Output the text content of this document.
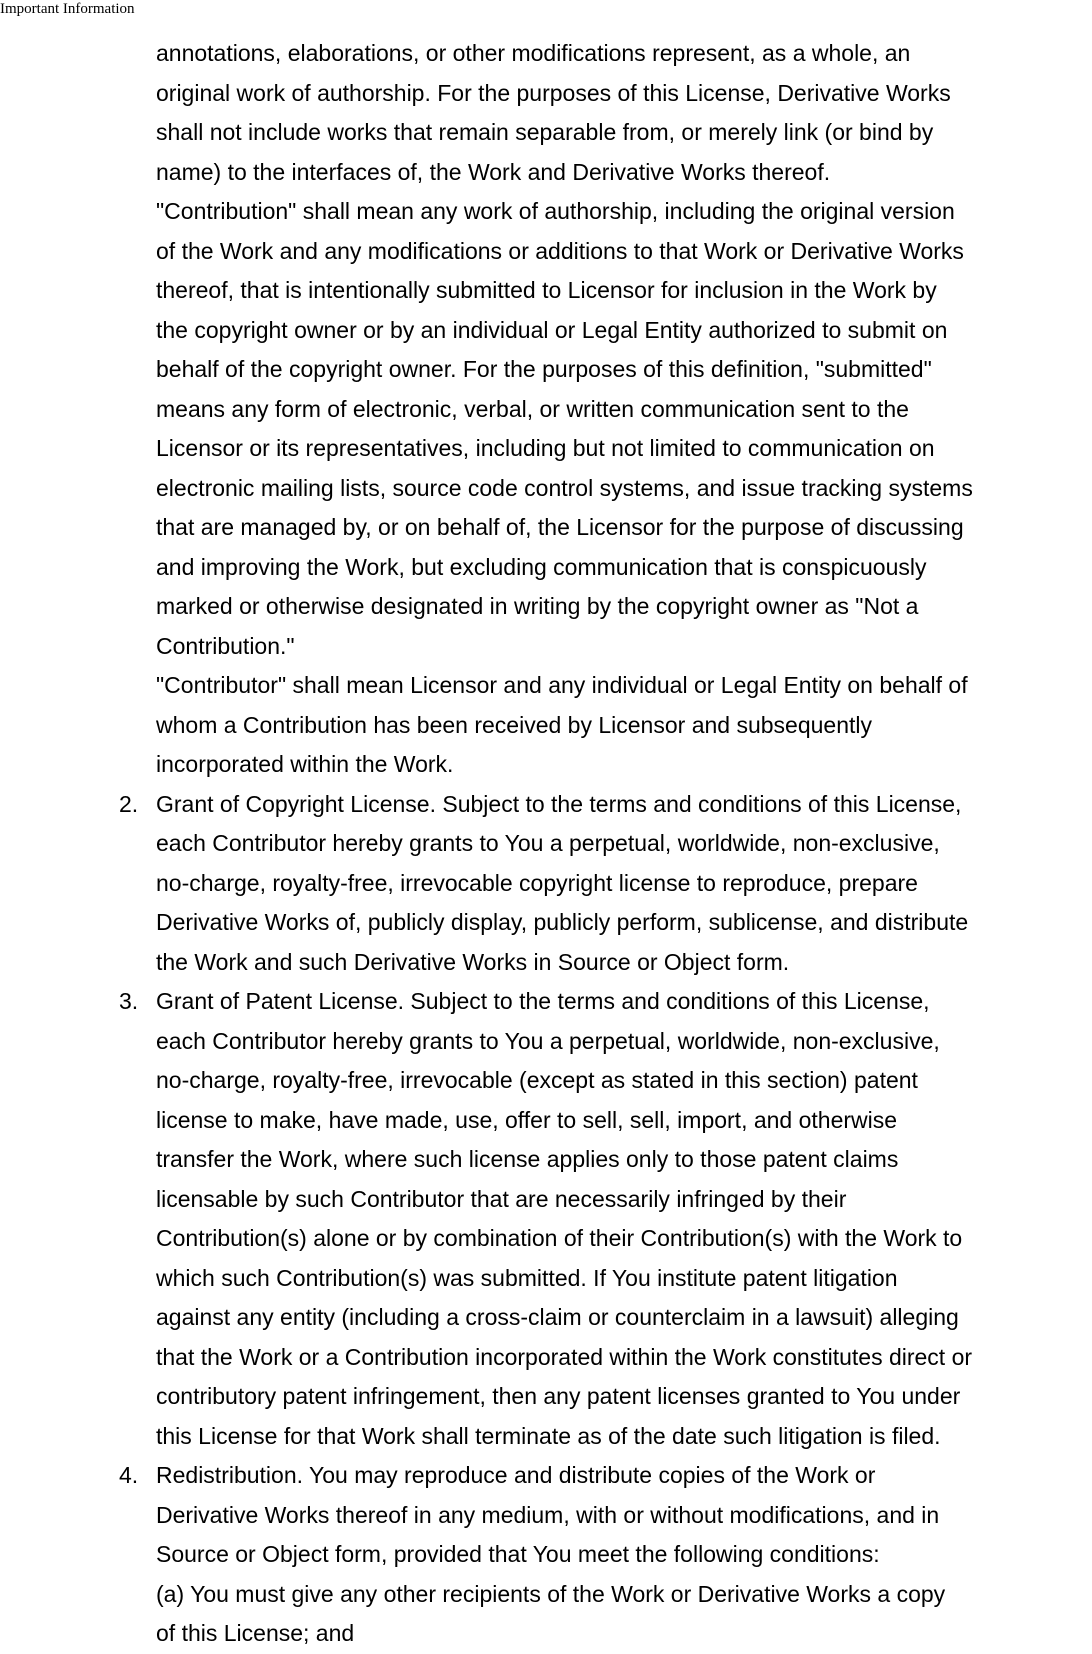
Important Information
annotations, elaborations, or other modifications represent, as a whole, an
original work of authorship. For the purposes of this License, Derivative Works
shall not include works that remain separable from, or merely link (or bind by
name) to the interfaces of, the Work and Derivative Works thereof.
"Contribution" shall mean any work of authorship, including the original version
of the Work and any modifications or additions to that Work or Derivative Works
thereof, that is intentionally submitted to Licensor for inclusion in the Work by
the copyright owner or by an individual or Legal Entity authorized to submit on
behalf of the copyright owner. For the purposes of this definition, "submitted"
means any form of electronic, verbal, or written communication sent to the
Licensor or its representatives, including but not limited to communication on
electronic mailing lists, source code control systems, and issue tracking systems
that are managed by, or on behalf of, the Licensor for the purpose of discussing
and improving the Work, but excluding communication that is conspicuously
marked or otherwise designated in writing by the copyright owner as "Not a
Contribution."
"Contributor" shall mean Licensor and any individual or Legal Entity on behalf of
whom a Contribution has been received by Licensor and subsequently
incorporated within the Work.
2. Grant of Copyright License. Subject to the terms and conditions of this License,
each Contributor hereby grants to You a perpetual, worldwide, non-exclusive,
no-charge, royalty-free, irrevocable copyright license to reproduce, prepare
Derivative Works of, publicly display, publicly perform, sublicense, and distribute
the Work and such Derivative Works in Source or Object form.
3. Grant of Patent License. Subject to the terms and conditions of this License,
each Contributor hereby grants to You a perpetual, worldwide, non-exclusive,
no-charge, royalty-free, irrevocable (except as stated in this section) patent
license to make, have made, use, offer to sell, sell, import, and otherwise
transfer the Work, where such license applies only to those patent claims
licensable by such Contributor that are necessarily infringed by their
Contribution(s) alone or by combination of their Contribution(s) with the Work to
which such Contribution(s) was submitted. If You institute patent litigation
against any entity (including a cross-claim or counterclaim in a lawsuit) alleging
that the Work or a Contribution incorporated within the Work constitutes direct or
contributory patent infringement, then any patent licenses granted to You under
this License for that Work shall terminate as of the date such litigation is filed.
4. Redistribution. You may reproduce and distribute copies of the Work or
Derivative Works thereof in any medium, with or without modifications, and in
Source or Object form, provided that You meet the following conditions:
(a) You must give any other recipients of the Work or Derivative Works a copy
of this License; and
